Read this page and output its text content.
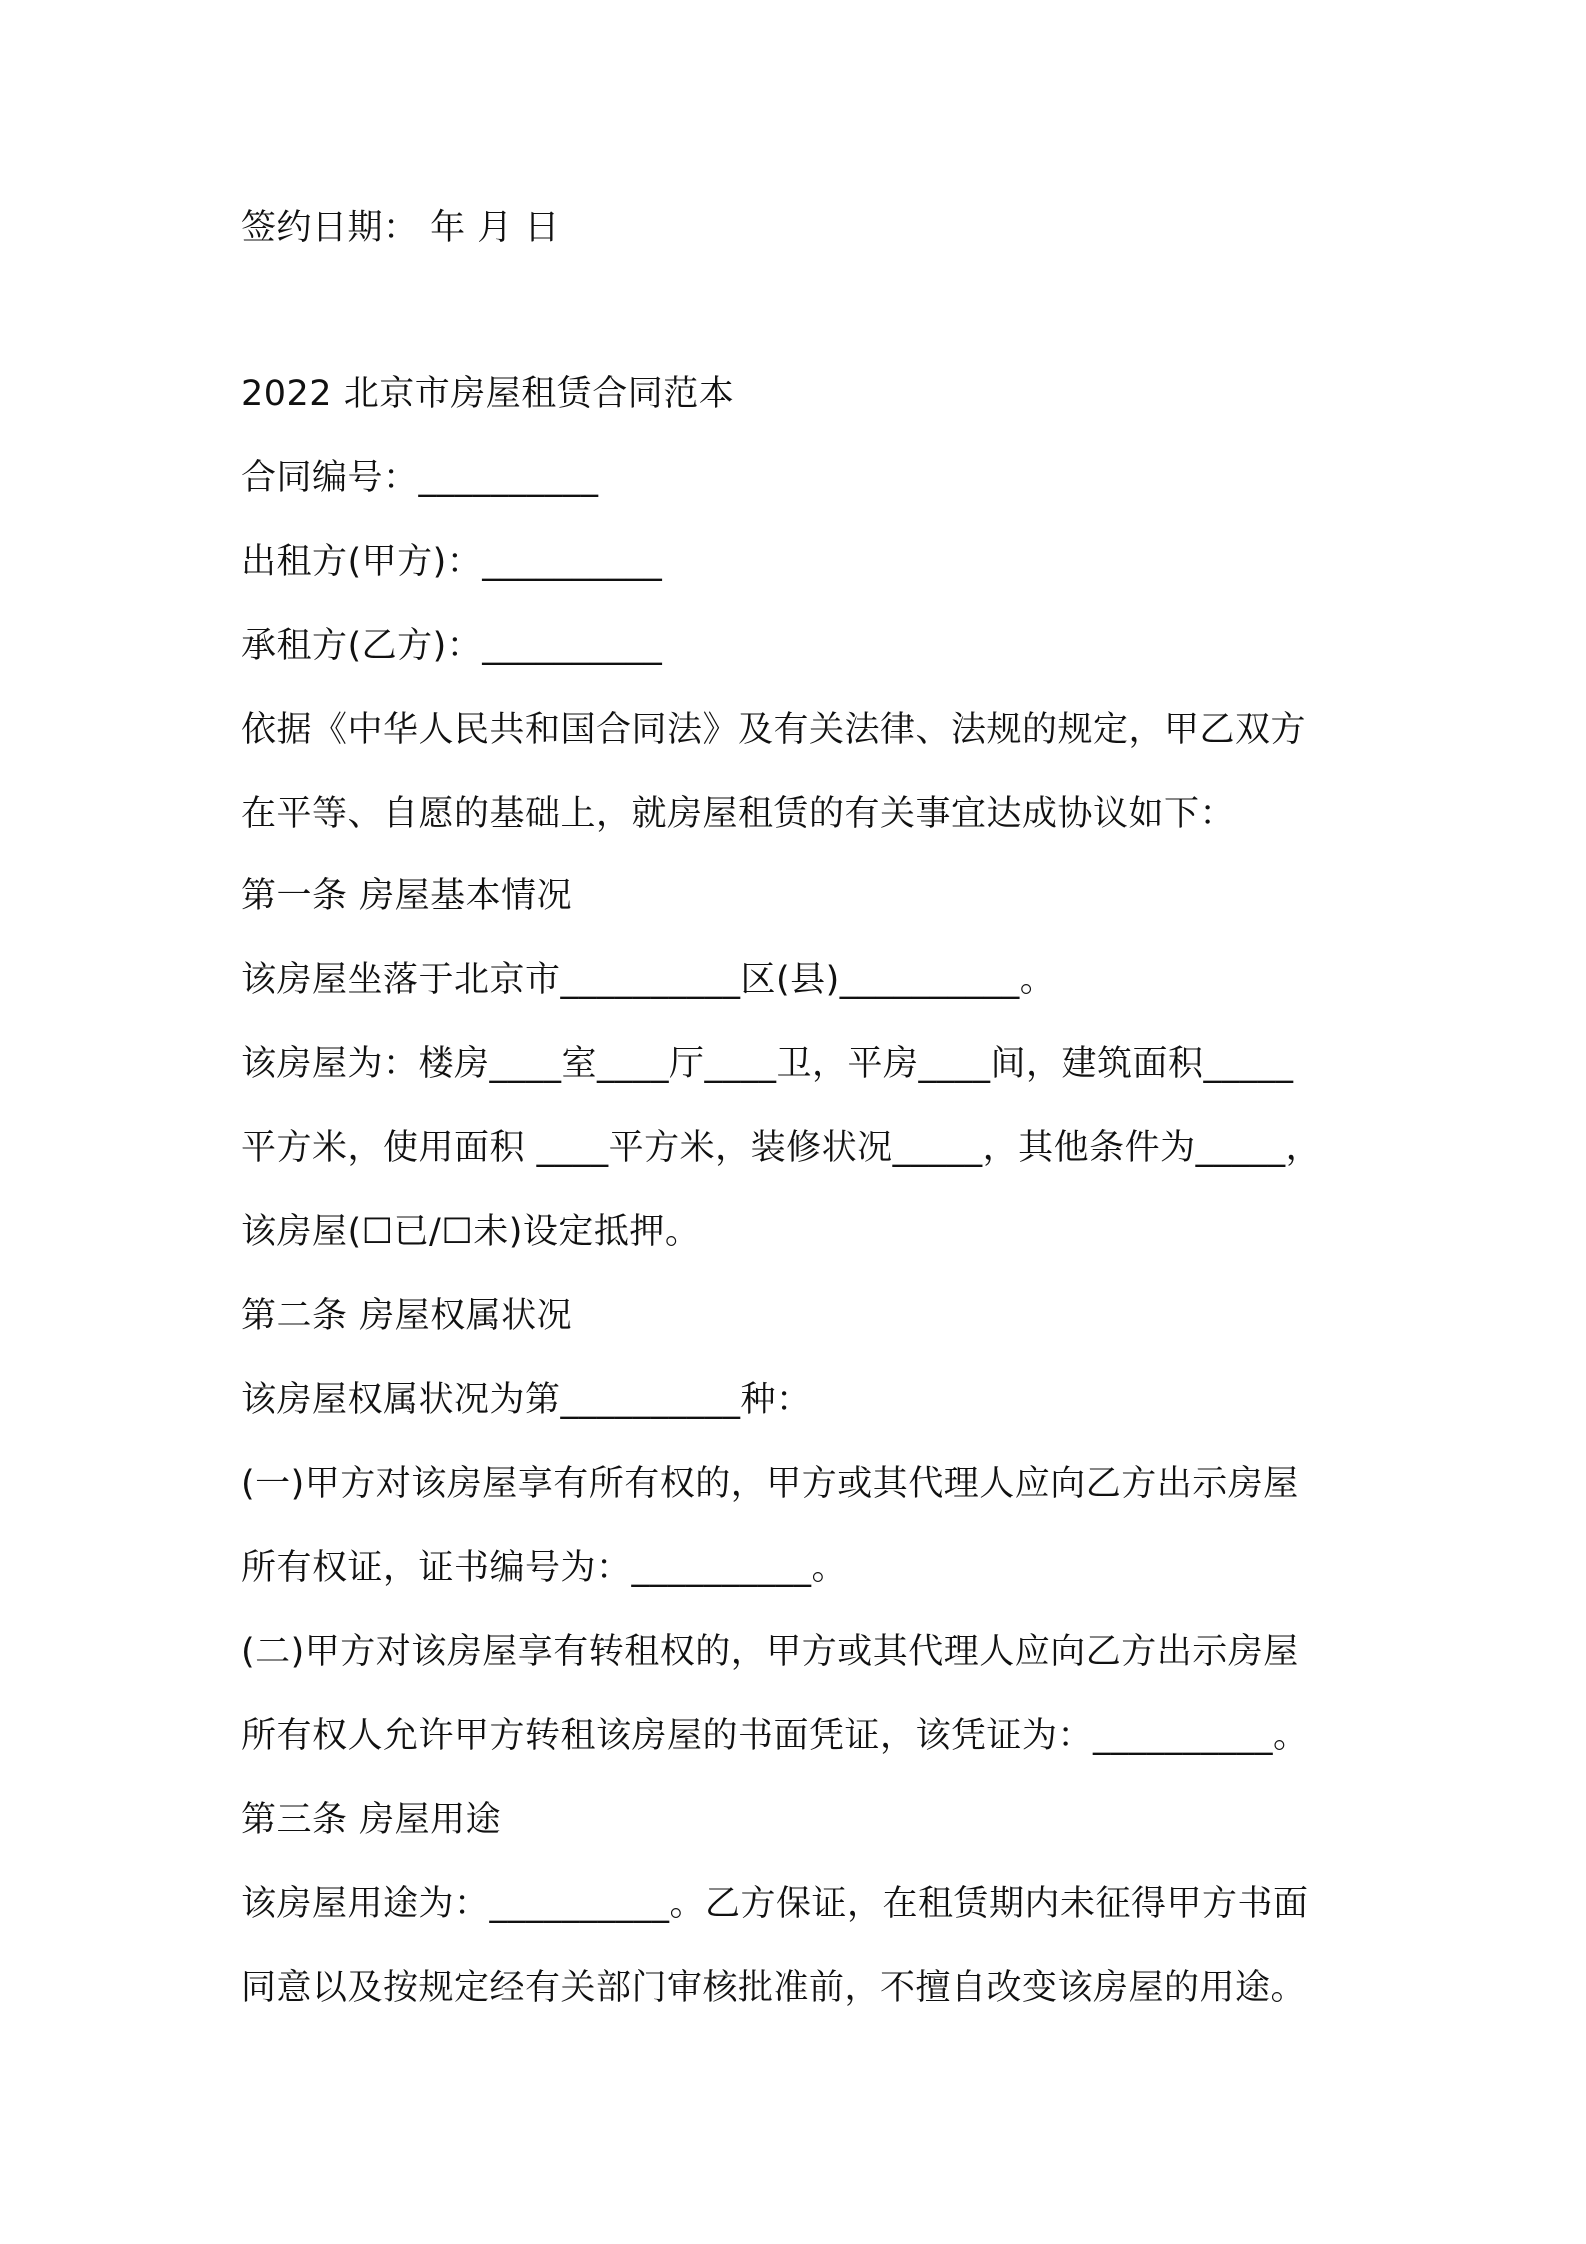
签约日期： 年 月 日
2022 北京市房屋租赁合同范本
合同编号：__________
出租方(甲方)：__________
承租方(乙方)：__________
依据《中华人民共和国合同法》及有关法律、法规的规定，甲乙双方
在平等、自愿的基础上，就房屋租赁的有关事宜达成协议如下：
第一条 房屋基本情况
该房屋坐落于北京市__________区(县)__________。
该房屋为：楼房____室____厅____卫，平房____间，建筑面积_____
平方米，使用面积 ____平方米，装修状况_____，其他条件为_____，
该房屋(☐已/☐未)设定抵押。
第二条 房屋权属状况
该房屋权属状况为第__________种：
(一)甲方对该房屋享有所有权的，甲方或其代理人应向乙方出示房屋
所有权证，证书编号为：__________。
(二)甲方对该房屋享有转租权的，甲方或其代理人应向乙方出示房屋
所有权人允许甲方转租该房屋的书面凭证，该凭证为：__________。
第三条 房屋用途
该房屋用途为：__________。乙方保证，在租赁期内未征得甲方书面
同意以及按规定经有关部门审核批准前，不擅自改变该房屋的用途。
